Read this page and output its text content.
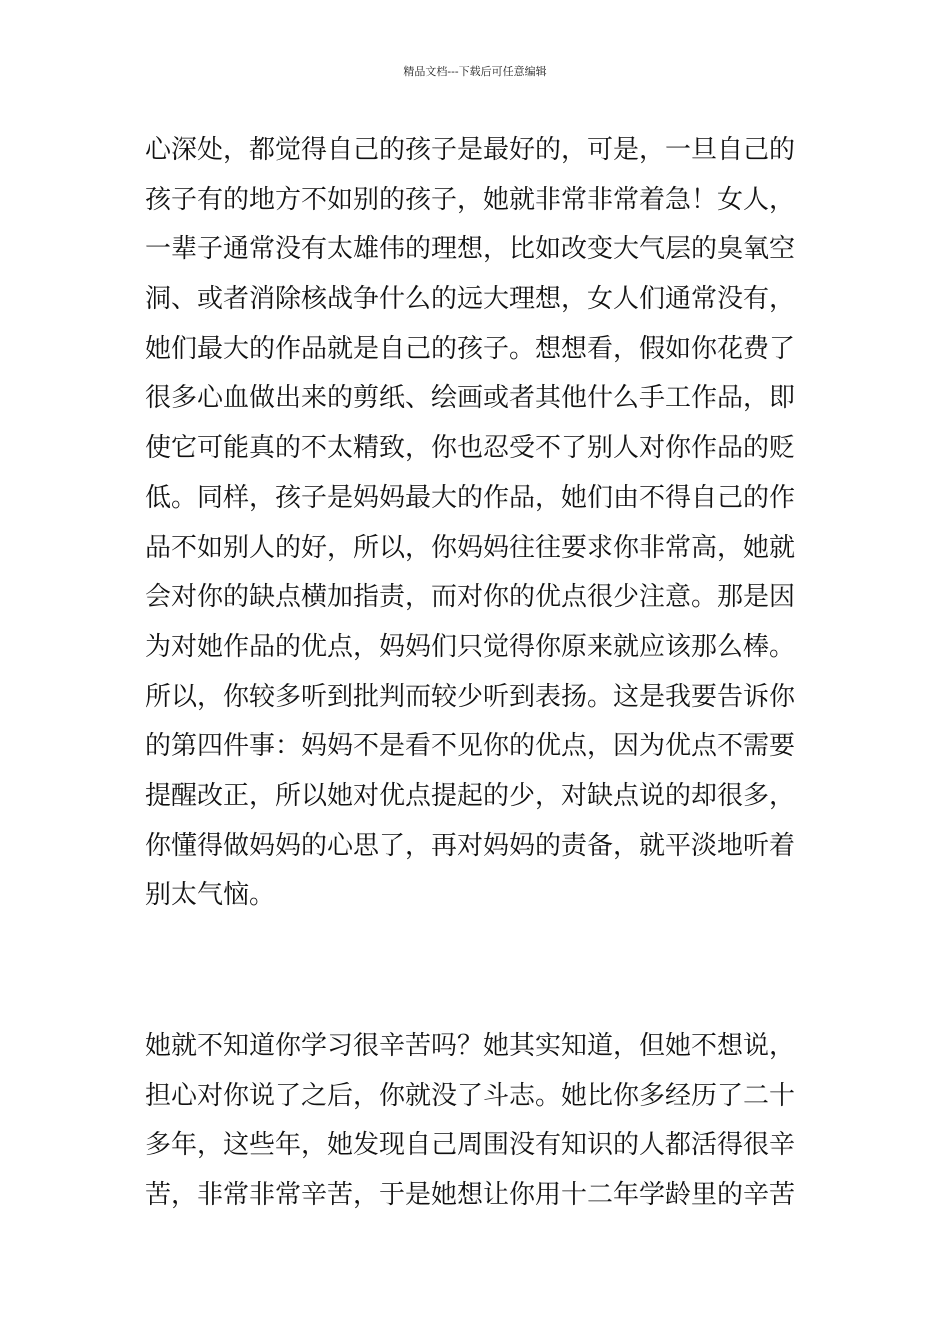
精品文档---下载后可任意编辑
心深处，都觉得自己的孩子是最好的，可是，一旦自己的
孩子有的地方不如别的孩子，她就非常非常着急！女人，
一辈子通常没有太雄伟的理想，比如改变大气层的臭氧空
洞、或者消除核战争什么的远大理想，女人们通常没有，
她们最大的作品就是自己的孩子。想想看，假如你花费了
很多心血做出来的剪纸、绘画或者其他什么手工作品，即
使它可能真的不太精致，你也忍受不了别人对你作品的贬
低。同样，孩子是妈妈最大的作品，她们由不得自己的作
品不如别人的好，所以，你妈妈往往要求你非常高，她就
会对你的缺点横加指责，而对你的优点很少注意。那是因
为对她作品的优点，妈妈们只觉得你原来就应该那么棒。
所以，你较多听到批判而较少听到表扬。这是我要告诉你
的第四件事：妈妈不是看不见你的优点，因为优点不需要
提醒改正，所以她对优点提起的少，对缺点说的却很多，
你懂得做妈妈的心思了，再对妈妈的责备，就平淡地听着
别太气恼。
她就不知道你学习很辛苦吗？她其实知道，但她不想说，
担心对你说了之后，你就没了斗志。她比你多经历了二十
多年，这些年，她发现自己周围没有知识的人都活得很辛
苦，非常非常辛苦，于是她想让你用十二年学龄里的辛苦
